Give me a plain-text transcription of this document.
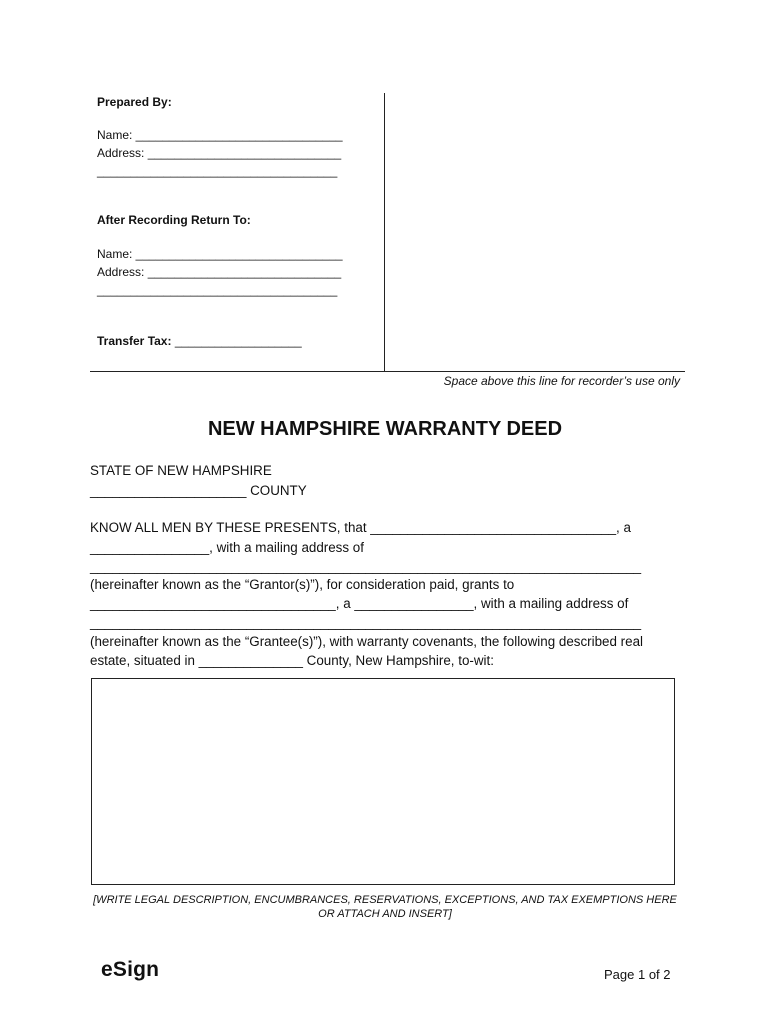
Prepared By:
Name: _______________________________
Address: _____________________________
____________________________________
After Recording Return To:
Name: _______________________________
Address: _____________________________
____________________________________
Transfer Tax: ___________________
Space above this line for recorder’s use only
NEW HAMPSHIRE WARRANTY DEED
STATE OF NEW HAMPSHIRE
_____________________ COUNTY
KNOW ALL MEN BY THESE PRESENTS, that _________________________________, a
________________, with a mailing address of
__________________________________________________________________________
(hereinafter known as the “Grantor(s)”), for consideration paid, grants to
_________________________________, a ________________, with a mailing address of
__________________________________________________________________________
(hereinafter known as the “Grantee(s)”), with warranty covenants, the following described real
estate, situated in ______________ County, New Hampshire, to-wit:
[WRITE LEGAL DESCRIPTION, ENCUMBRANCES, RESERVATIONS, EXCEPTIONS, AND TAX EXEMPTIONS HERE OR ATTACH AND INSERT]
eSign	Page 1 of 2
